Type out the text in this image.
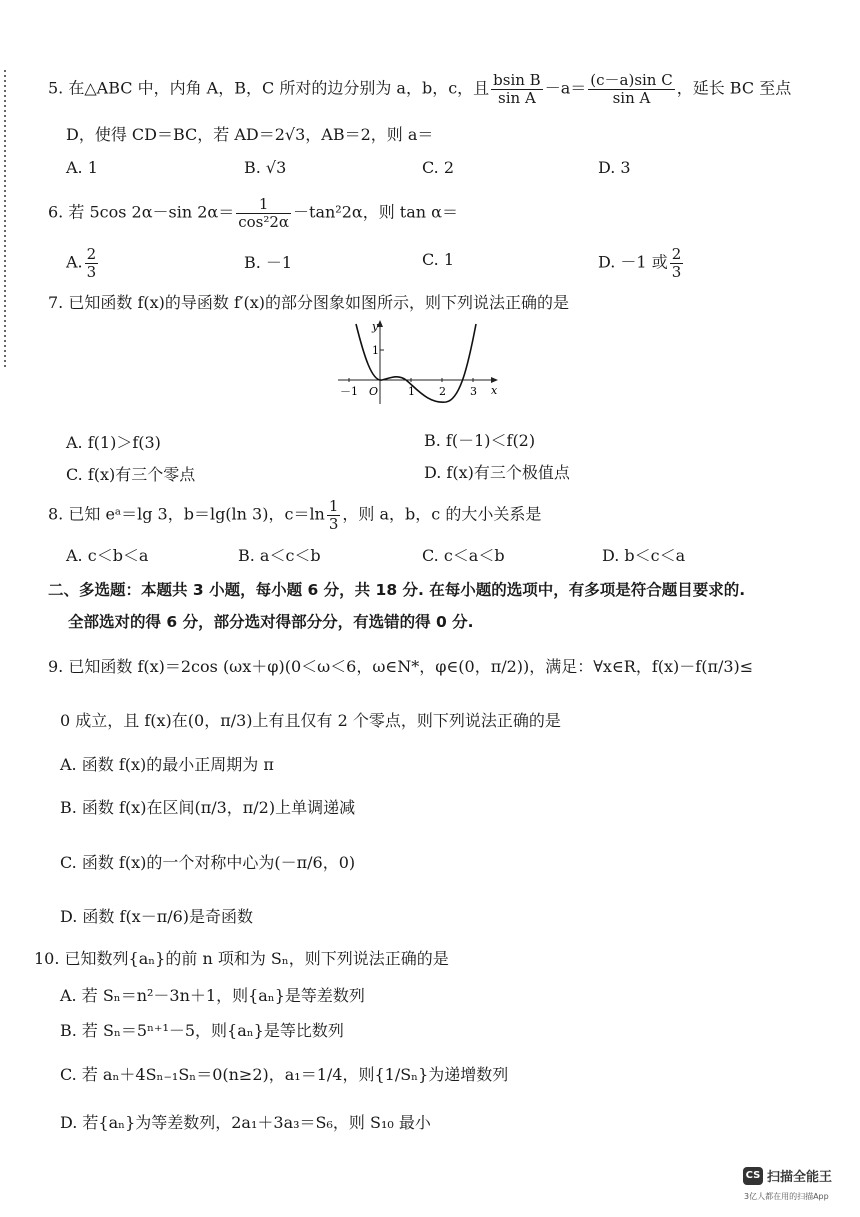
5. 在△ABC 中，内角 A，B，C 所对的边分别为 a，b，c，且 $\frac{\text{bsin B}}{\text{sin A}} -a= \frac{\text{(c－a)sin C}}{\text{sin A}}$ ，延长 BC 至点
D，使得 CD＝BC，若 AD＝2√3，AB＝2，则 a＝
A. 1	B. √3	C. 2	D. 3
6. 若 5cos 2α－sin $2\alpha= \frac{1}{\text{cos²2α}} -\tan^22\alpha$，则 tan α＝
A. $\frac{2}{3}$	B. －1	C. 1	D. －1 或 $\frac{2}{3}$
7. 已知函数 f(x)的导函数 f′(x)的部分图象如图所示，则下列说法正确的是
y
x
O
1
－1	1 2 3
A. f(1)＞f(3)	B. f(－1)＜f(2)
C. f(x)有三个零点	D. f(x)有三个极值点
8. 已知 eᵃ＝lg 3，b＝lg(ln 3)，$c=\ln \frac{1}{3}$ ，则 a，b，c 的大小关系是
A. c＜b＜a	B. a＜c＜b	C. c＜a＜b	D. b＜c＜a
二、多选题：本题共 3 小题，每小题 6 分，共 18 分. 在每小题的选项中，有多项是符合题目要求的.
全部选对的得 6 分，部分选对得部分分，有选错的得 0 分.
9. 已知函数 f(x)＝2cos (ωx＋φ)(0＜ω＜6，ω∈N*，φ∈(0，π/2))，满足：∀x∈R，f(x)－f(π/3)≤
0 成立，且 f(x)在(0，π/3)上有且仅有 2 个零点，则下列说法正确的是
A. 函数 f(x)的最小正周期为 π
B. 函数 f(x)在区间(π/3，π/2)上单调递减
C. 函数 f(x)的一个对称中心为(－π/6，0)
D. 函数 f(x－π/6)是奇函数
10. 已知数列{aₙ}的前 n 项和为 Sₙ，则下列说法正确的是
A. 若 Sₙ＝n²－3n＋1，则{aₙ}是等差数列
B. 若 Sₙ＝5ⁿ⁺¹－5，则{aₙ}是等比数列
C. 若 aₙ＋4Sₙ₋₁Sₙ＝0(n≥2)，a₁＝1/4，则{1/Sₙ}为递增数列
D. 若{aₙ}为等差数列，2a₁＋3a₃＝S₆，则 S₁₀ 最小
CS 扫描全能王
3亿人都在用的扫描App
